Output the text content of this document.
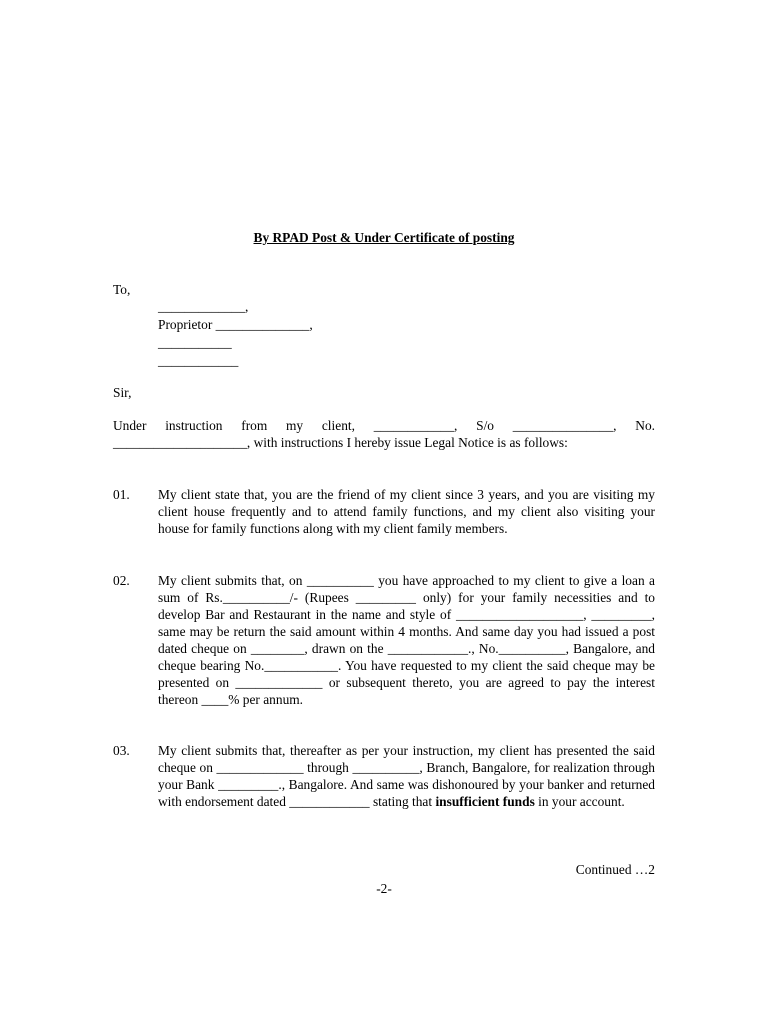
By RPAD Post & Under Certificate of posting
To,
_____________,
Proprietor ______________,
___________
____________
Sir,
Under instruction from my client, ____________, S/o _______________, No. ____________________, with instructions I hereby issue Legal Notice is as follows:
01. My client state that, you are the friend of my client since 3 years, and you are visiting my client house frequently and to attend family functions, and my client also visiting your house for family functions along with my client family members.
02. My client submits that, on __________ you have approached to my client to give a loan a sum of Rs.__________/- (Rupees _________ only) for your family necessities and to develop Bar and Restaurant in the name and style of ___________________, _________, same may be return the said amount within 4 months. And same day you had issued a post dated cheque on ________, drawn on the ____________., No.__________, Bangalore, and cheque bearing No.___________. You have requested to my client the said cheque may be presented on _____________ or subsequent thereto, you are agreed to pay the interest thereon ____% per annum.
03. My client submits that, thereafter as per your instruction, my client has presented the said cheque on _____________ through __________, Branch, Bangalore, for realization through your Bank _________., Bangalore. And same was dishonoured by your banker and returned with endorsement dated ____________ stating that insufficient funds in your account.
Continued …2
-2-
